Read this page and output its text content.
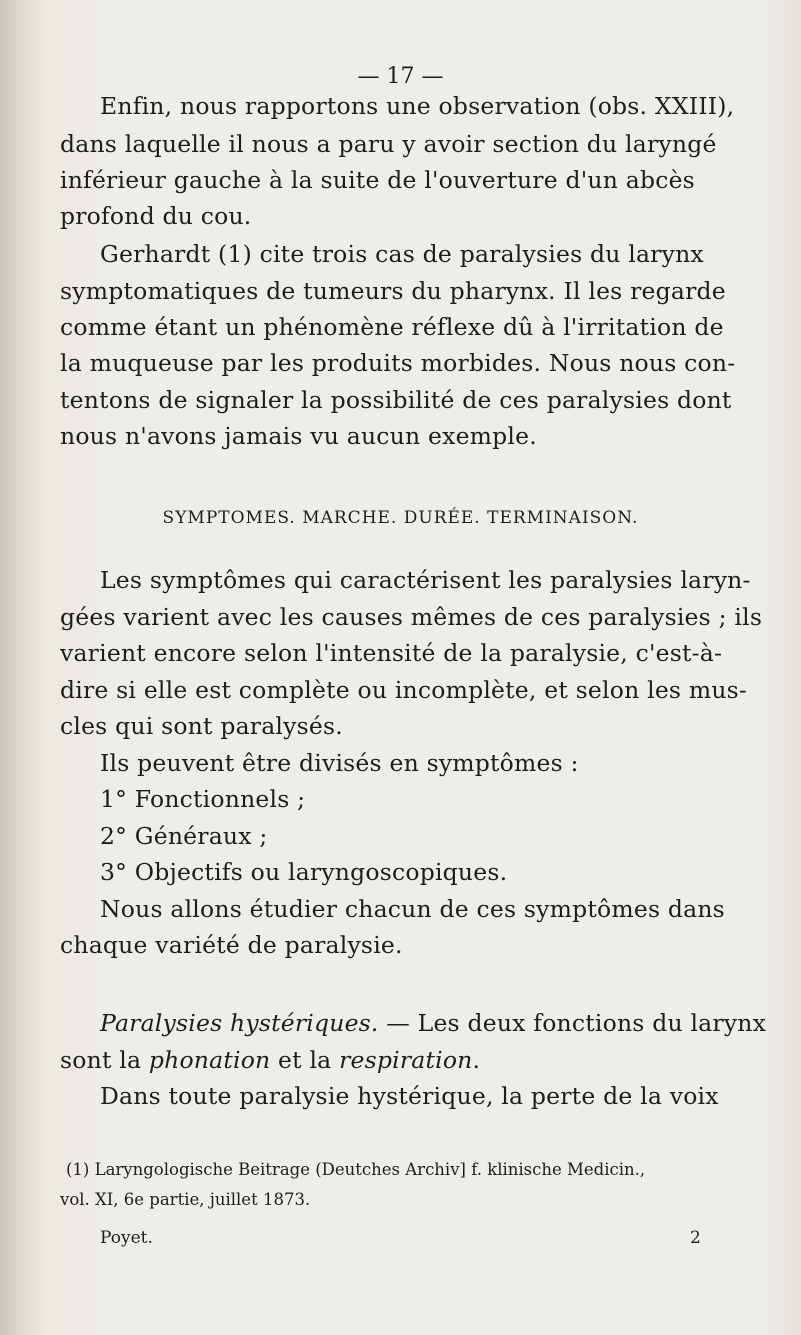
— 17 —
Enfin, nous rapportons une observation (obs. XXIII),
dans laquelle il nous a paru y avoir section du laryngé
inférieur gauche à la suite de l'ouverture d'un abcès
profond du cou.
Gerhardt (1) cite trois cas de paralysies du larynx
symptomatiques de tumeurs du pharynx. Il les regarde
comme étant un phénomène réflexe dû à l'irritation de
la muqueuse par les produits morbides. Nous nous con-
tentons de signaler la possibilité de ces paralysies dont
nous n'avons jamais vu aucun exemple.
SYMPTOMES. MARCHE. DURÉE. TERMINAISON.
Les symptômes qui caractérisent les paralysies laryn-
gées varient avec les causes mêmes de ces paralysies ; ils
varient encore selon l'intensité de la paralysie, c'est-à-
dire si elle est complète ou incomplète, et selon les mus-
cles qui sont paralysés.
Ils peuvent être divisés en symptômes :
1° Fonctionnels ;
2° Généraux ;
3° Objectifs ou laryngoscopiques.
Nous allons étudier chacun de ces symptômes dans
chaque variété de paralysie.
Paralysies hystériques. — Les deux fonctions du larynx
sont la phonation et la respiration.
Dans toute paralysie hystérique, la perte de la voix
(1) Laryngologische Beitrage (Deutches Archiv] f. klinische Medicin.,
vol. XI, 6e partie, juillet 1873.
Poyet.	2
